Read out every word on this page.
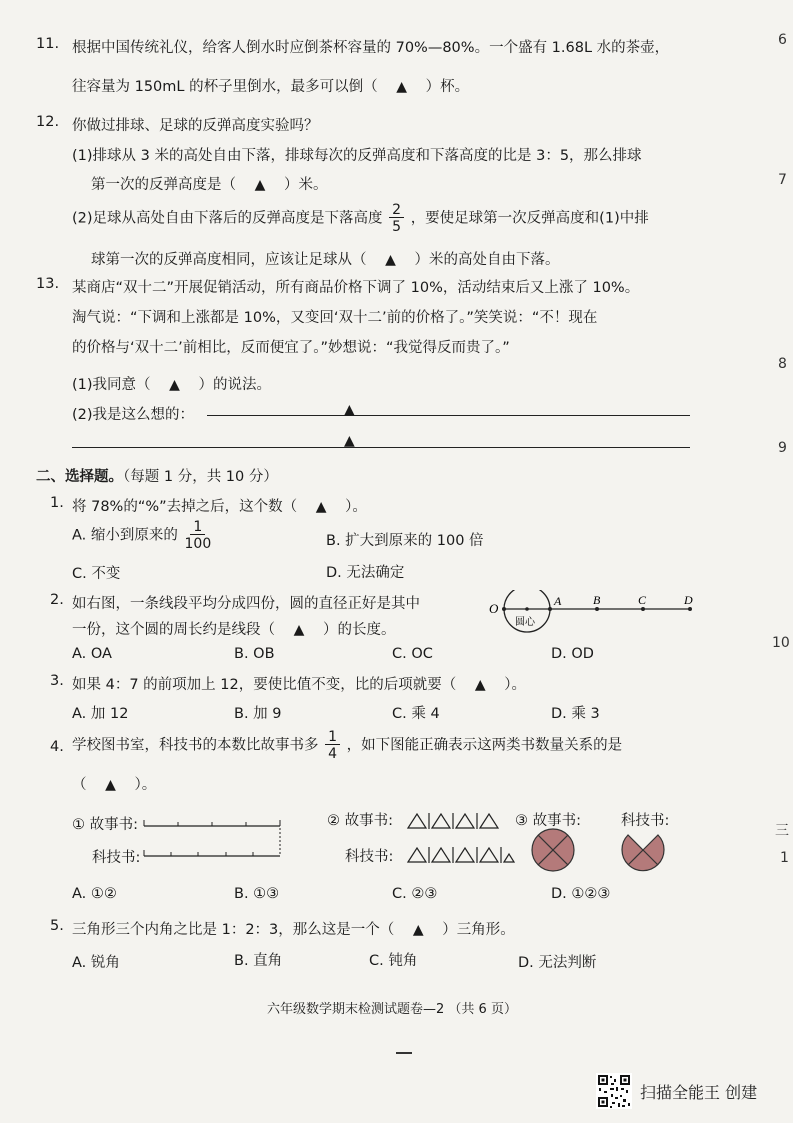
11. 根据中国传统礼仪，给客人倒水时应倒茶杯容量的 70%—80%。一个盛有 1.68L 水的茶壶，
往容量为 150mL 的杯子里倒水，最多可以倒（ ▲	）杯。
12. 你做过排球、足球的反弹高度实验吗？
(1)排球从 3 米的高处自由下落，排球每次的反弹高度和下落高度的比是 3：5，那么排球
第一次的反弹高度是（ ▲	）米。
(2)足球从高处自由下落后的反弹高度是下落高度 $\frac{2}{5}$ ，要使足球第一次反弹高度和(1)中排
球第一次的反弹高度相同，应该让足球从（ ▲	）米的高处自由下落。
13. 某商店“双十二”开展促销活动，所有商品价格下调了 10%，活动结束后又上涨了 10%。
淘气说：“下调和上涨都是 10%，又变回‘双十二’前的价格了。”笑笑说：“不！现在
的价格与‘双十二’前相比，反而便宜了。”妙想说：“我觉得反而贵了。”
(1)我同意（ ▲	）的说法。
(2)我是这么想的：
▲
▲
二、选择题。（每题 1 分，共 10 分）
1. 将 78%的“%”去掉之后，这个数（ ▲	）。
A. 缩小到原来的 $\frac{1}{100}$	B. 扩大到原来的 100 倍
C. 不变	D. 无法确定
2. 如右图，一条线段平均分成四份，圆的直径正好是其中
一份，这个圆的周长约是线段（ ▲	）的长度。
O	A	B	C	D
圆心
A. OA	B. OB	C. OC	D. OD
3. 如果 4：7 的前项加上 12，要使比值不变，比的后项就要（ ▲	）。
A. 加 12	B. 加 9	C. 乘 4	D. 乘 3
4. 学校图书室，科技书的本数比故事书多 $\frac{1}{4}$ ，如下图能正确表示这两类书数量关系的是
（ ▲	）。
① 故事书:
科技书:
② 故事书:
科技书:
③ 故事书:	科技书:
A. ①②	B. ①③	C. ②③	D. ①②③
5. 三角形三个内角之比是 1：2：3，那么这是一个（ ▲	）三角形。
A. 锐角	B. 直角	C. 钝角	D. 无法判断
六年级数学期末检测试题卷—2 （共 6 页）
6
7
8
9
10
三
1
扫描全能王 创建
